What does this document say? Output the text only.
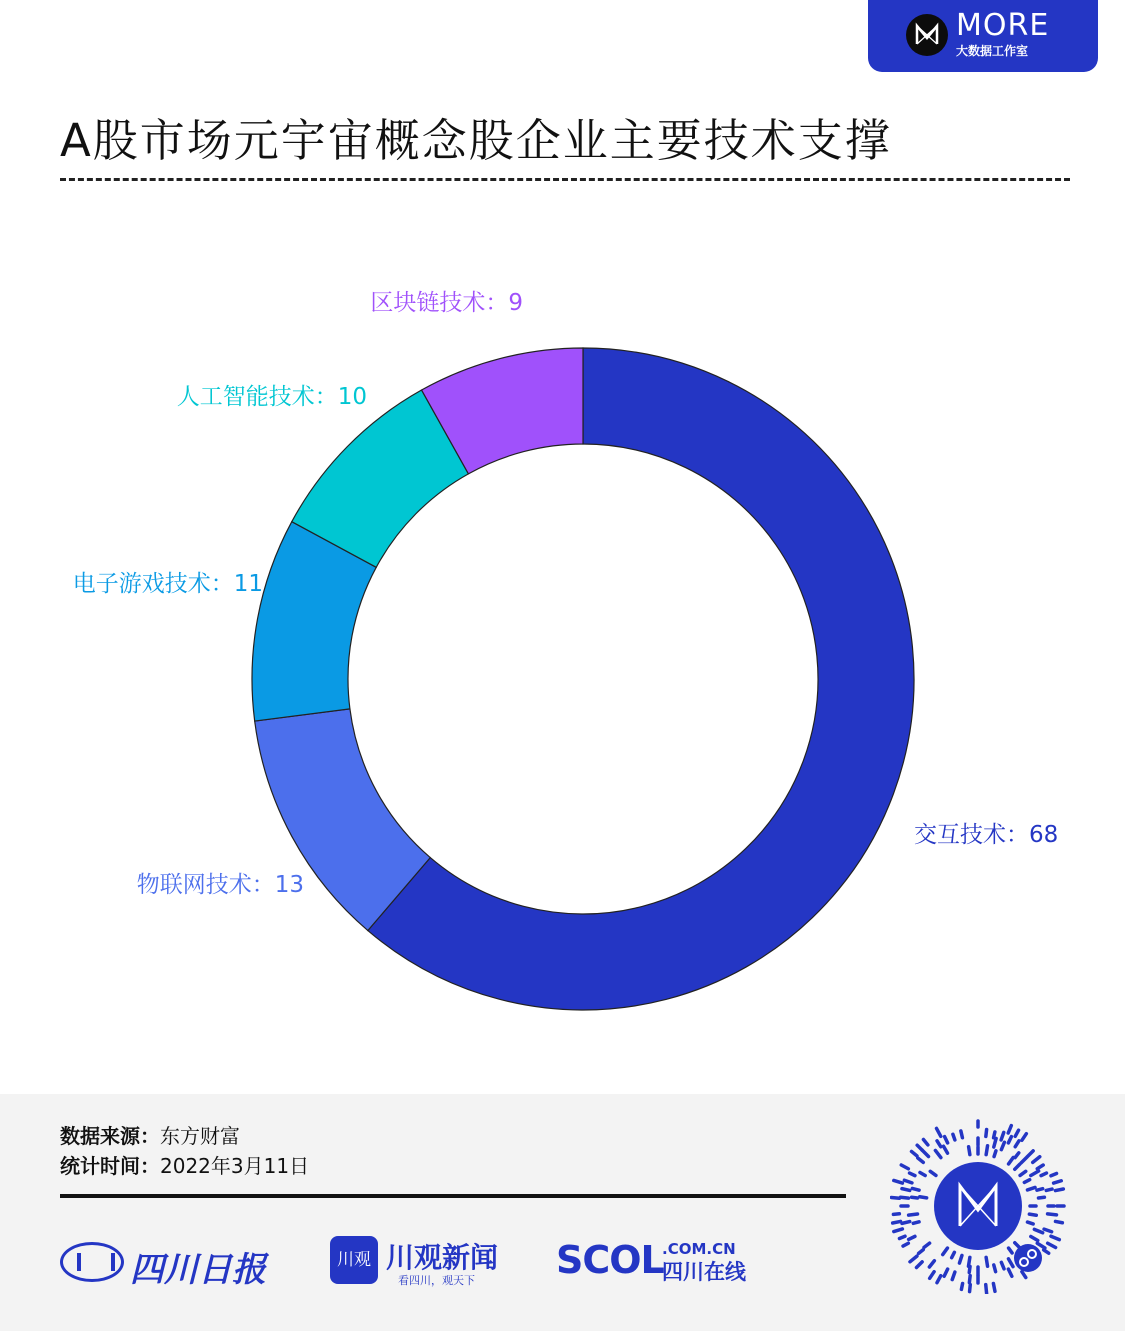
MORE
大数据工作室
A股市场元宇宙概念股企业主要技术支撑
交互技术：68
物联网技术：13
电子游戏技术：11
人工智能技术：10
区块链技术：9
数据来源：东方财富
统计时间：2022年3月11日
四川日报	川观 川观新闻
看四川，观天下 SCOL
.COM.CN
四川在线
